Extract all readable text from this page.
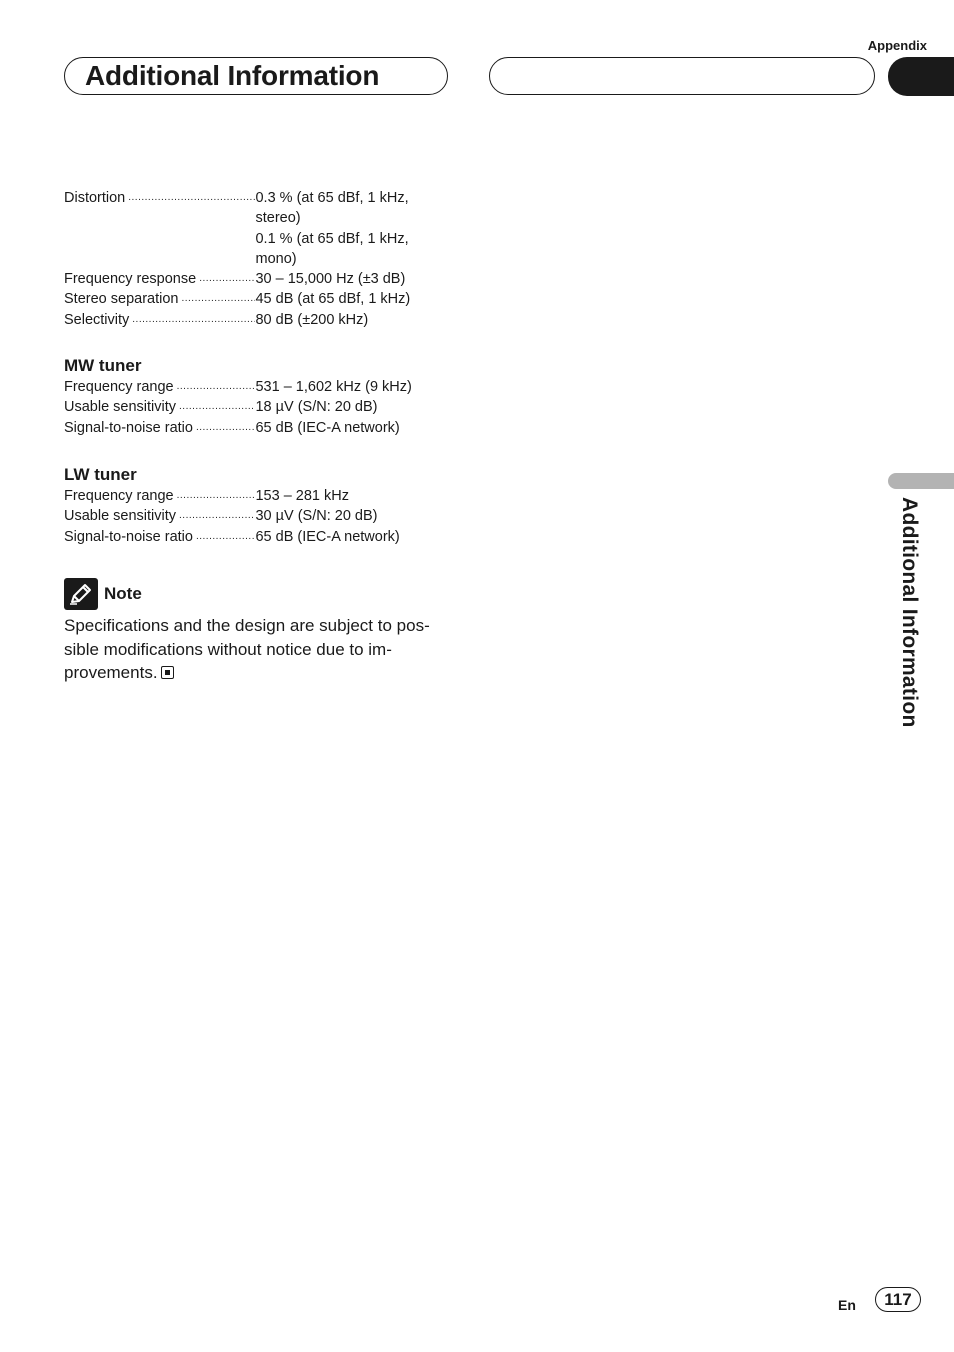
Appendix
Additional Information
Distortion .....	0.3 % (at 65 dBf, 1 kHz,
stereo)
0.1 % (at 65 dBf, 1 kHz,
mono)
Frequency response .....	30 – 15,000 Hz (±3 dB)
Stereo separation .....	45 dB (at 65 dBf, 1 kHz)
Selectivity .....	80 dB (±200 kHz)
MW tuner
Frequency range .....	531 – 1,602 kHz (9 kHz)
Usable sensitivity .....	18 µV (S/N: 20 dB)
Signal-to-noise ratio .....	65 dB (IEC-A network)
LW tuner
Frequency range .....	153 – 281 kHz
Usable sensitivity .....	30 µV (S/N: 20 dB)
Signal-to-noise ratio .....	65 dB (IEC-A network)
Note
Specifications and the design are subject to pos-
sible modifications without notice due to im-
provements.	Additional Information
En	117
